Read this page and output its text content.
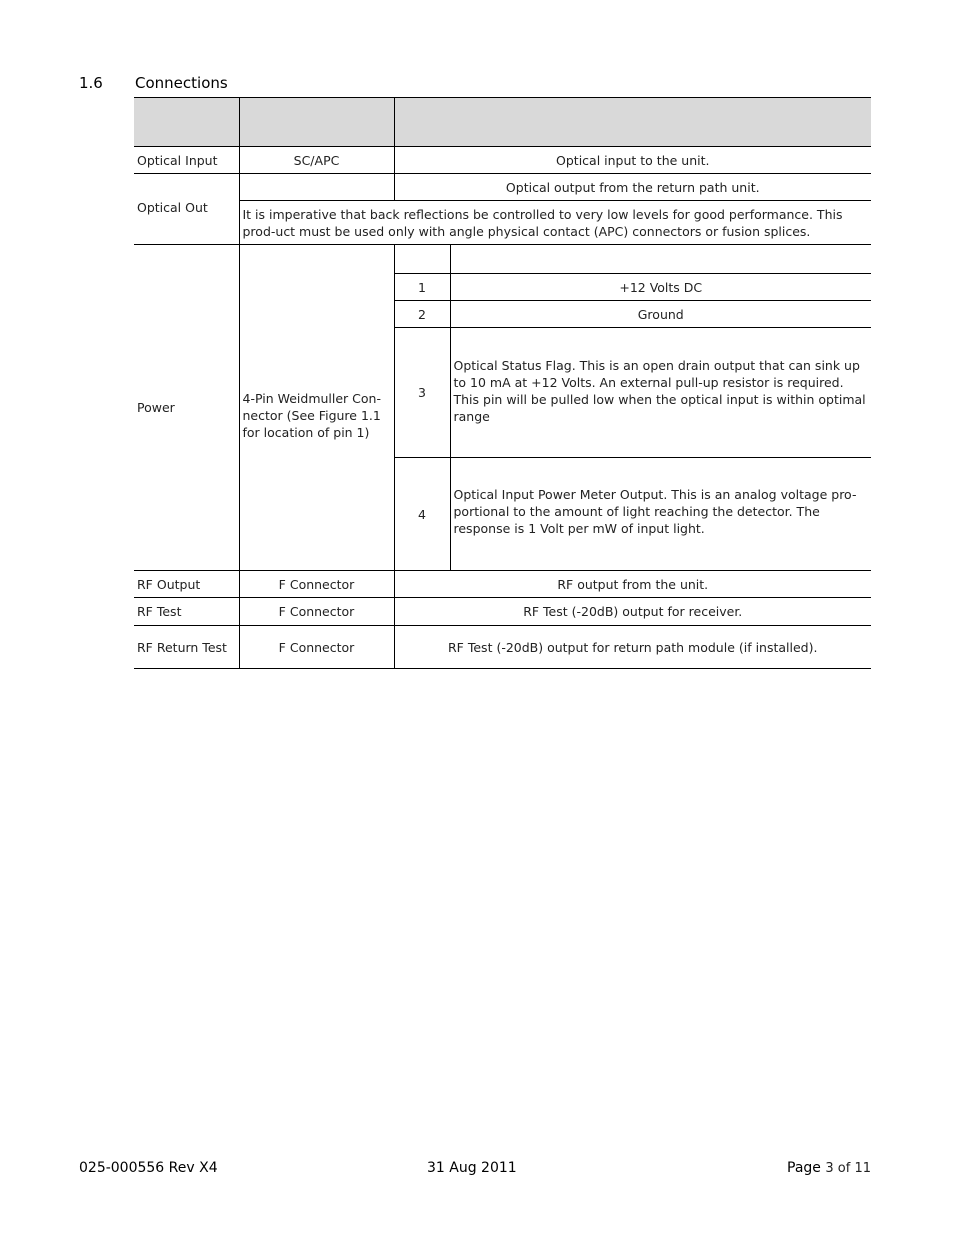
1.6 Connections

Optical Input	SC/APC	Optical input to the unit.	
Optical Out		Optical output from the return path unit.	
	It is imperative that back reflections be controlled to very low levels for good performance. This prod-uct must be used only with angle physical contact (APC) connectors or fusion splices.		
Power	4-Pin Weidmuller Con-nector (See Figure 1.1 for location of pin 1)		
		1	+12 Volts DC
		2	Ground
		3	Optical Status Flag. This is an open drain output that can sink up to 10 mA at +12 Volts. An external pull-up resistor is required. This pin will be pulled low when the optical input is within optimal range
		4	Optical Input Power Meter Output. This is an analog voltage pro-portional to the amount of light reaching the detector. The response is 1 Volt per mW of input light.
RF Output	F Connector	RF output from the unit.	
RF Test	F Connector	RF Test (-20dB) output for receiver.	
RF Return Test	F Connector	RF Test (-20dB) output for return path module (if installed).	
025-000556 Rev X4	31 Aug 2011	Page 3 of 11
